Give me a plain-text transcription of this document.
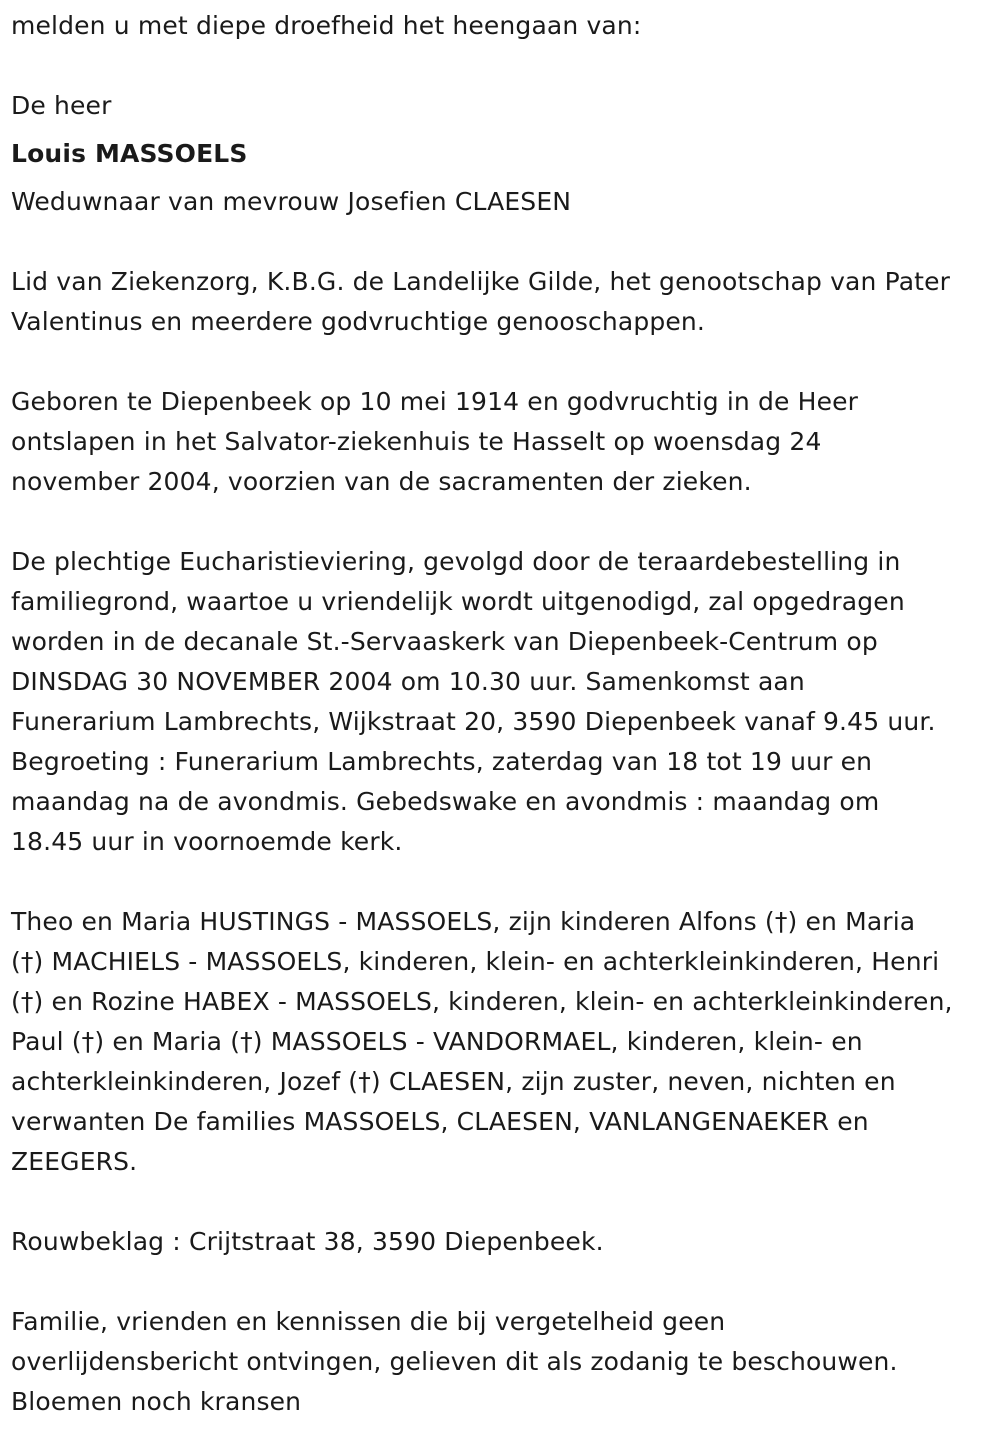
melden u met diepe droefheid het heengaan van:
De heer
Louis MASSOELS
Weduwnaar van mevrouw Josefien CLAESEN
Lid van Ziekenzorg, K.B.G. de Landelijke Gilde, het genootschap van Pater
Valentinus en meerdere godvruchtige genooschappen.
Geboren te Diepenbeek op 10 mei 1914 en godvruchtig in de Heer
ontslapen in het Salvator-ziekenhuis te Hasselt op woensdag 24
november 2004, voorzien van de sacramenten der zieken.
De plechtige Eucharistieviering, gevolgd door de teraardebestelling in
familiegrond, waartoe u vriendelijk wordt uitgenodigd, zal opgedragen
worden in de decanale St.-Servaaskerk van Diepenbeek-Centrum op
DINSDAG 30 NOVEMBER 2004 om 10.30 uur. Samenkomst aan
Funerarium Lambrechts, Wijkstraat 20, 3590 Diepenbeek vanaf 9.45 uur.
Begroeting : Funerarium Lambrechts, zaterdag van 18 tot 19 uur en
maandag na de avondmis. Gebedswake en avondmis : maandag om
18.45 uur in voornoemde kerk.
Theo en Maria HUSTINGS - MASSOELS, zijn kinderen Alfons (†) en Maria
(†) MACHIELS - MASSOELS, kinderen, klein- en achterkleinkinderen, Henri
(†) en Rozine HABEX - MASSOELS, kinderen, klein- en achterkleinkinderen,
Paul (†) en Maria (†) MASSOELS - VANDORMAEL, kinderen, klein- en
achterkleinkinderen, Jozef (†) CLAESEN, zijn zuster, neven, nichten en
verwanten De families MASSOELS, CLAESEN, VANLANGENAEKER en
ZEEGERS.
Rouwbeklag : Crijtstraat 38, 3590 Diepenbeek.
Familie, vrienden en kennissen die bij vergetelheid geen
overlijdensbericht ontvingen, gelieven dit als zodanig te beschouwen.
Bloemen noch kransen
